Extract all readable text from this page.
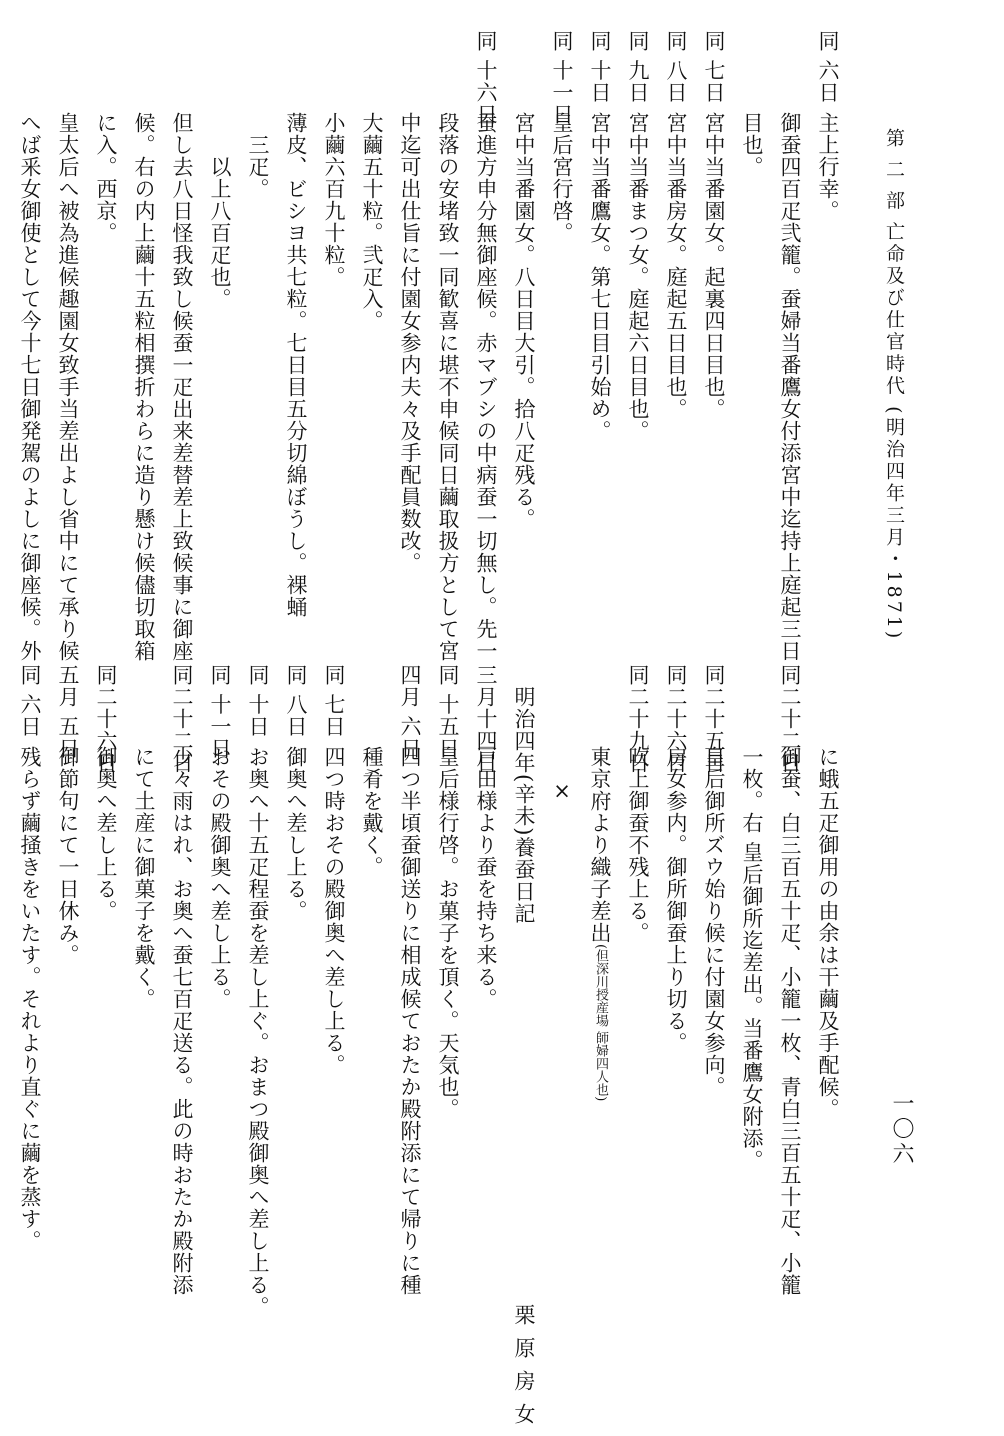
第 二 部 亡命及び仕官時代 (明治四年三月・1871)
一〇六
同 六日主上行幸。
御蚕四百疋弐籠。蚕婦当番鷹女付添宮中迄持上庭起三日
目也。
同 七日宮中当番園女。起裏四日目也。
同 八日宮中当番房女。庭起五日目也。
同 九日宮中当番まつ女。庭起六日目也。
同 十日宮中当番鷹女。第七日目引始め。
同 十一日皇后宮行啓。
宮中当番園女。八日目大引。拾八疋残る。
同 十六日蚕進方申分無御座候。赤マブシの中病蚕一切無し。先一
段落の安堵致一同歓喜に堪不申候同日繭取扱方として宮
中迄可出仕旨に付園女参内夫々及手配員数改。
大繭五十粒。弐疋入。
小繭六百九十粒。
薄皮、ビシヨ共七粒。七日目五分切綿ぼうし。裸蛹
三疋。
以上八百疋也。
但し去八日怪我致し候蚕一疋出来差替差上致候事に御座
候。右の内上繭十五粒相撰折わらに造り懸け候儘切取箱
に入。西京。
皇太后へ被為進候趣園女致手当差出よし省中にて承り候
へば釆女御使として今十七日御発駕のよしに御座候。外
に蛾五疋御用の由余は干繭及手配候。
同二十二日御蚕、白三百五十疋、小籠一枚、青白三百五十疋、小籠
一枚。右 皇后御所迄差出。当番鷹女附添。
同二十五日皇后御所ズウ始り候に付園女参向。
同二十六日房女参内。御所御蚕上り切る。
同二十九日吹上御蚕不残上る。
東京府より織子差出(但深川授産場 師婦四人也)
×
明治四年(辛未)養蚕日記栗原房女
三月十四日戸田様より蚕を持ち来る。
同 十五日皇后様行啓。お菓子を頂く。天気也。
四月 六日四つ半頃蚕御送りに相成候ておたか殿附添にて帰りに種
種肴を戴く。
同 七日四つ時おその殿御奥へ差し上る。
同 八日御奥へ差し上る。
同 十日お奥へ十五疋程蚕を差し上ぐ。おまつ殿御奥へ差し上る。
同 十一日おその殿御奥へ差し上る。
同二十二日少々雨はれ、お奥へ蚕七百疋送る。此の時おたか殿附添
にて土産に御菓子を戴く。
同二十六日御奥へ差し上る。
五月 五日御節句にて一日休み。
同 六日残らず繭掻きをいたす。それより直ぐに繭を蒸す。
